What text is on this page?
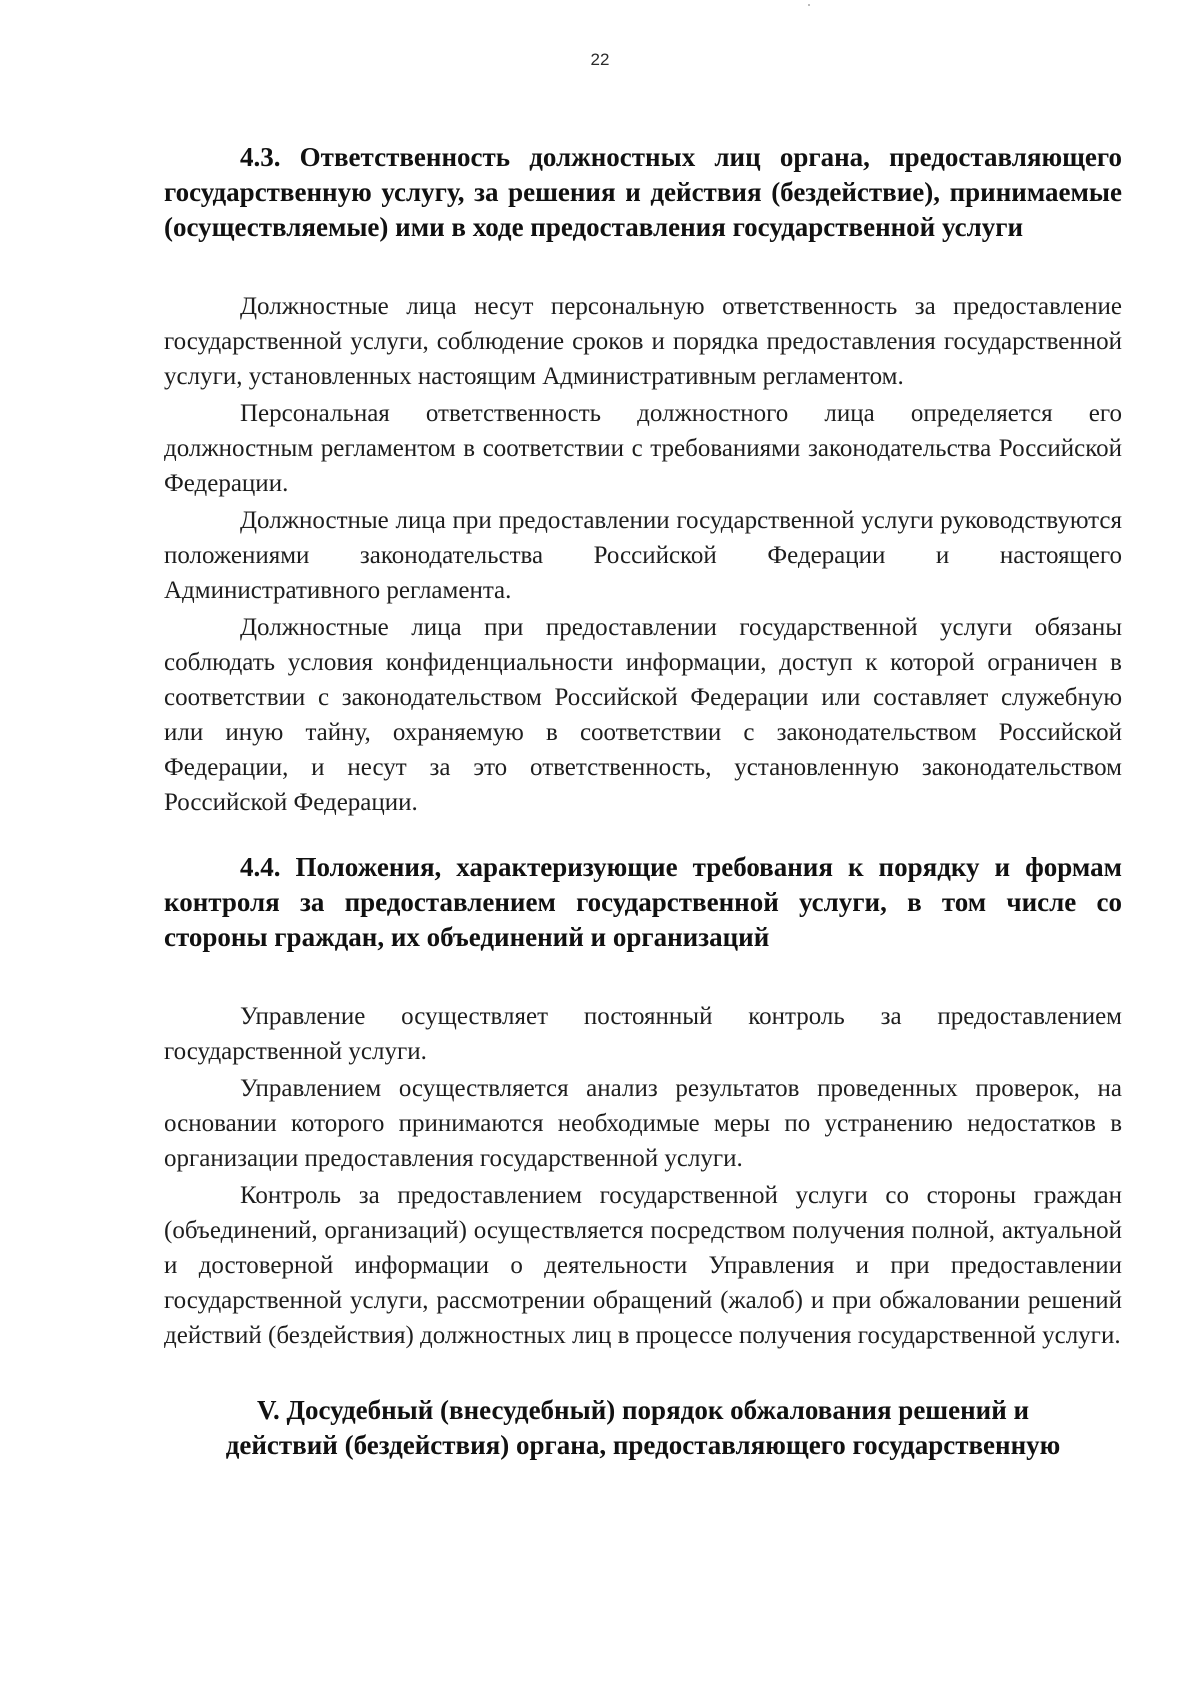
22

4.3. Ответственность должностных лиц органа, предоставляющего государственную услугу, за решения и действия (бездействие), принимаемые (осуществляемые) ими в ходе предоставления государственной услуги

Должностные лица несут персональную ответственность за предоставление государственной услуги, соблюдение сроков и порядка предоставления государственной услуги, установленных настоящим Административным регламентом.

Персональная ответственность должностного лица определяется его должностным регламентом в соответствии с требованиями законодательства Российской Федерации.

Должностные лица при предоставлении государственной услуги руководствуются положениями законодательства Российской Федерации и настоящего Административного регламента.

Должностные лица при предоставлении государственной услуги обязаны соблюдать условия конфиденциальности информации, доступ к которой ограничен в соответствии с законодательством Российской Федерации или составляет служебную или иную тайну, охраняемую в соответствии с законодательством Российской Федерации, и несут за это ответственность, установленную законодательством Российской Федерации.

4.4. Положения, характеризующие требования к порядку и формам контроля за предоставлением государственной услуги, в том числе со стороны граждан, их объединений и организаций

Управление осуществляет постоянный контроль за предоставлением государственной услуги.

Управлением осуществляется анализ результатов проведенных проверок, на основании которого принимаются необходимые меры по устранению недостатков в организации предоставления государственной услуги.

Контроль за предоставлением государственной услуги со стороны граждан (объединений, организаций) осуществляется посредством получения полной, актуальной и достоверной информации о деятельности Управления и при предоставлении государственной услуги, рассмотрении обращений (жалоб) и при обжаловании решений действий (бездействия) должностных лиц в процессе получения государственной услуги.

V. Досудебный (внесудебный) порядок обжалования решений и

действий (бездействия) органа, предоставляющего государственную
